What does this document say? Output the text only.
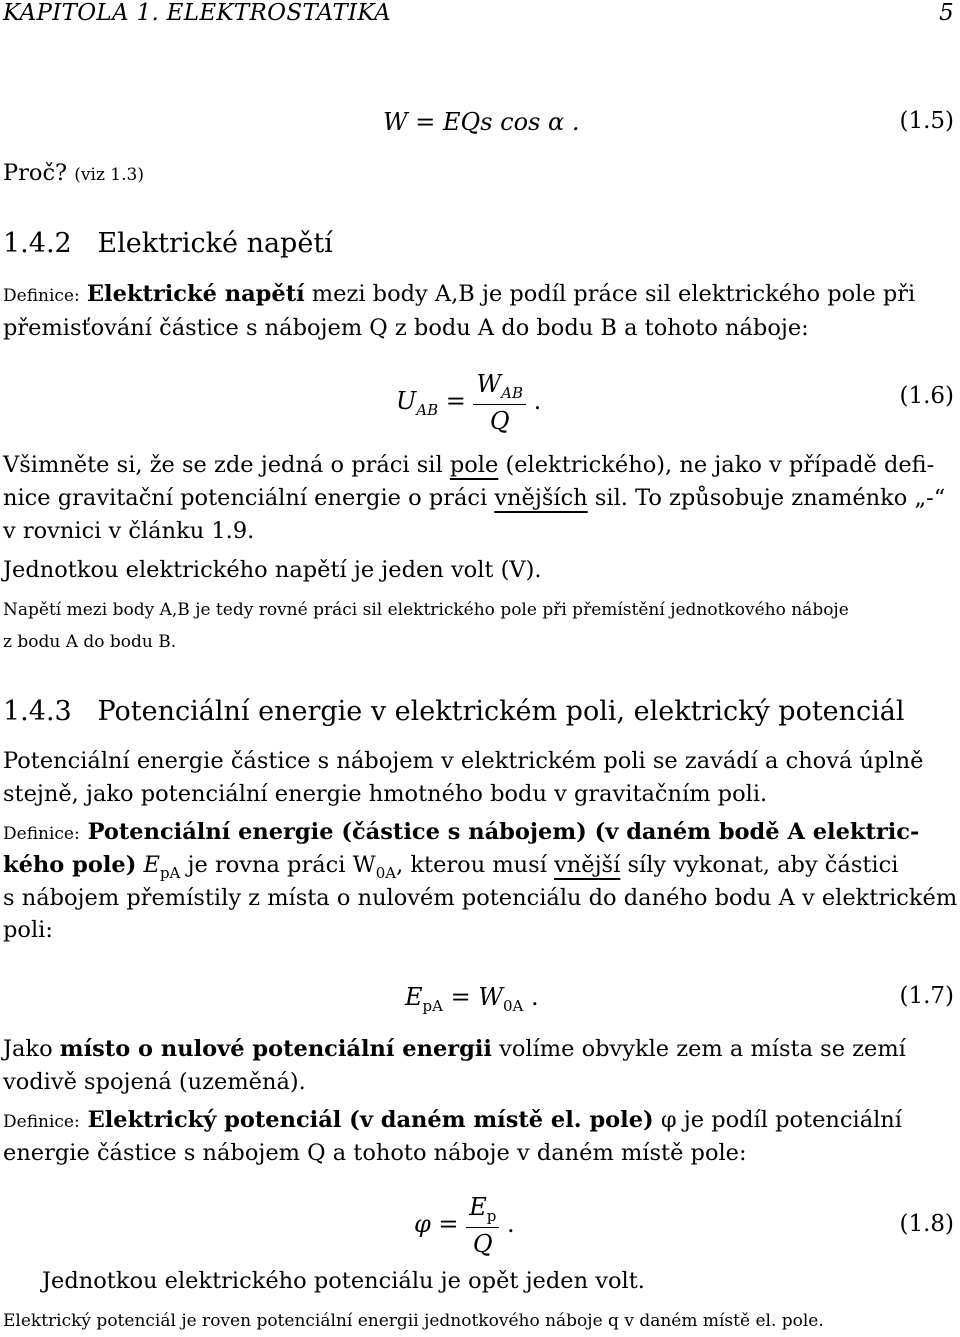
KAPITOLA 1. ELEKTROSTATIKA	5
W = EQs cos α .	(1.5)
Proč? (viz 1.3)
1.4.2 Elektrické napětí
Definice: Elektrické napětí mezi body A,B je podíl práce sil elektrického pole při
přemisťování částice s nábojem Q z bodu A do bodu B a tohoto náboje:
$U_{AB} = \frac{W_{AB}}{Q}$ .	(1.6)
Všimněte si, že se zde jedná o práci sil pole (elektrického), ne jako v případě defi-
nice gravitační potenciální energie o práci vnějších sil. To způsobuje znaménko „-“
v rovnici v článku 1.9.
Jednotkou elektrického napětí je jeden volt (V).
Napětí mezi body A,B je tedy rovné práci sil elektrického pole při přemístění jednotkového náboje
z bodu A do bodu B.
1.4.3 Potenciální energie v elektrickém poli, elektrický potenciál
Potenciální energie částice s nábojem v elektrickém poli se zavádí a chová úplně
stejně, jako potenciální energie hmotného bodu v gravitačním poli.
Definice: Potenciální energie (částice s nábojem) (v daném bodě A elektric-
kého pole) $E_{pA}$ je rovna práci $W_{0A}$, kterou musí vnější síly vykonat, aby částici
s nábojem přemístily z místa o nulovém potenciálu do daného bodu A v elektrickém
poli:
$E_{pA} = W_{0A}$ .	(1.7)
Jako místo o nulové potenciální energii volíme obvykle zem a místa se zemí
vodivě spojená (uzeměná).
Definice: Elektrický potenciál (v daném místě el. pole) φ je podíl potenciální
energie částice s nábojem Q a tohoto náboje v daném místě pole:
$\varphi = \frac{E_p}{Q}$ .	(1.8)
Jednotkou elektrického potenciálu je opět jeden volt.
Elektrický potenciál je roven potenciální energii jednotkového náboje q v daném místě el. pole.
